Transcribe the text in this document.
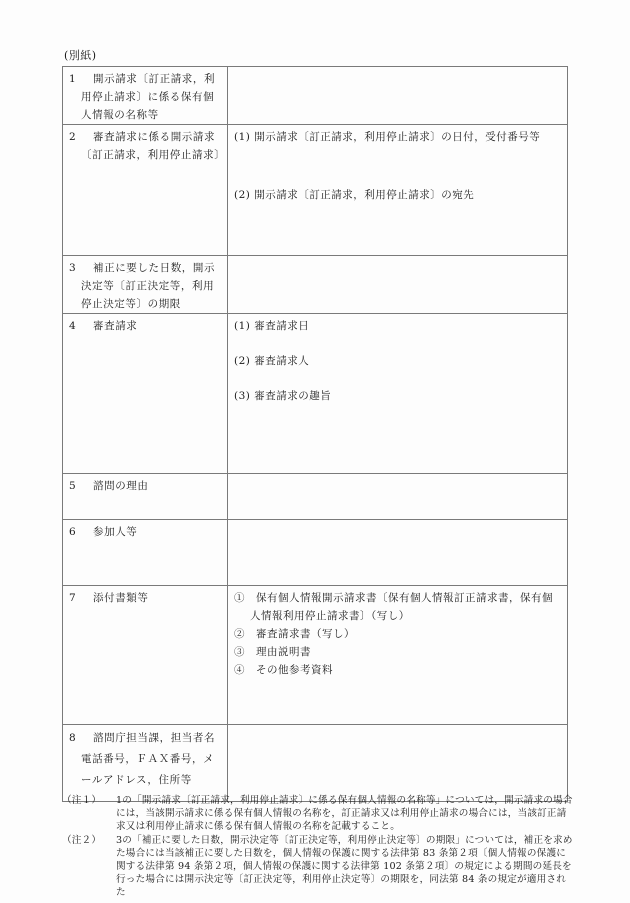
(別紙)
1 開示請求〔訂正請求，利用停止請求〕に係る保有個人情報の名称等	

2 審査請求に係る開示請求〔訂正請求，利用停止請求〕	(1) 開示請求〔訂正請求，利用停止請求〕の日付，受付番号等
(2) 開示請求〔訂正請求，利用停止請求〕の宛先

3 補正に要した日数，開示決定等〔訂正決定等，利用停止決定等〕の期限	

4 審査請求	(1) 審査請求日
(2) 審査請求人
(3) 審査請求の趣旨

5 諮問の理由	

6 参加人等	

7 添付書類等	①　保有個人情報開示請求書〔保有個人情報訂正請求書，保有個人情報利用停止請求書〕（写し）
②　審査請求書（写し）
③　理由説明書
④　その他参考資料

8 諮問庁担当課，担当者名電話番号，ＦＡＸ番号，メールアドレス，住所等	

（注１） 1の「開示請求〔訂正請求，利用停止請求〕に係る保有個人情報の名称等」については，開示請求の場合には，当該開示請求に係る保有個人情報の名称を，訂正請求又は利用停止請求の場合には，当該訂正請求又は利用停止請求に係る保有個人情報の名称を記載すること。
（注２） 3の「補正に要した日数，開示決定等〔訂正決定等，利用停止決定等〕の期限」については，補正を求めた場合には当該補正に要した日数を，個人情報の保護に関する法律第 83 条第２項〔個人情報の保護に関する法律第 94 条第２項，個人情報の保護に関する法律第 102 条第２項〕の規定による期間の延長を行った場合には開示決定等〔訂正決定等，利用停止決定等〕の期限を，同法第 84 条の規定が適用された
